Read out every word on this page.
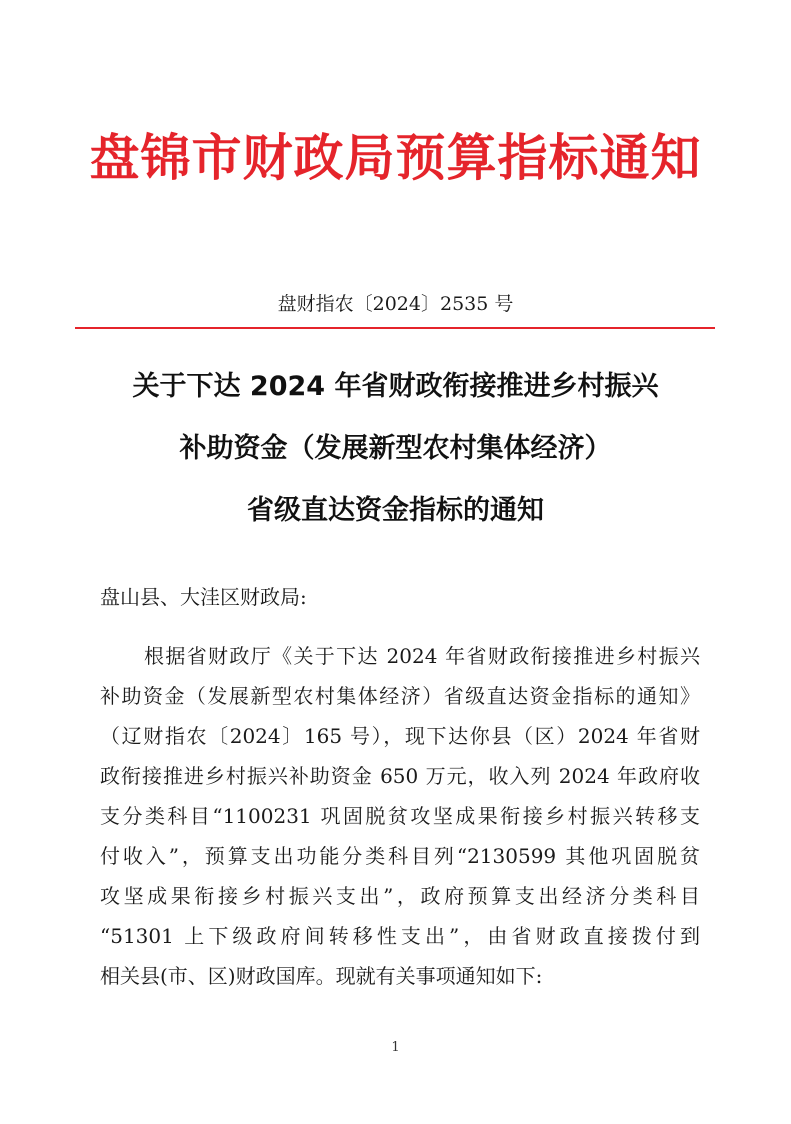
盘锦市财政局预算指标通知
盘财指农〔2024〕2535 号
关于下达 2024 年省财政衔接推进乡村振兴
补助资金（发展新型农村集体经济）
省级直达资金指标的通知
盘山县、大洼区财政局:
根据省财政厅《关于下达 2024 年省财政衔接推进乡村振兴
补助资金（发展新型农村集体经济）省级直达资金指标的通知》
（辽财指农〔2024〕165 号），现下达你县（区）2024 年省财
政衔接推进乡村振兴补助资金 650 万元，收入列 2024 年政府收
支分类科目“1100231 巩固脱贫攻坚成果衔接乡村振兴转移支
付收入”，预算支出功能分类科目列“2130599 其他巩固脱贫
攻坚成果衔接乡村振兴支出”，政府预算支出经济分类科目
“51301 上下级政府间转移性支出”，由省财政直接拨付到
相关县(市、区)财政国库。现就有关事项通知如下:
1
